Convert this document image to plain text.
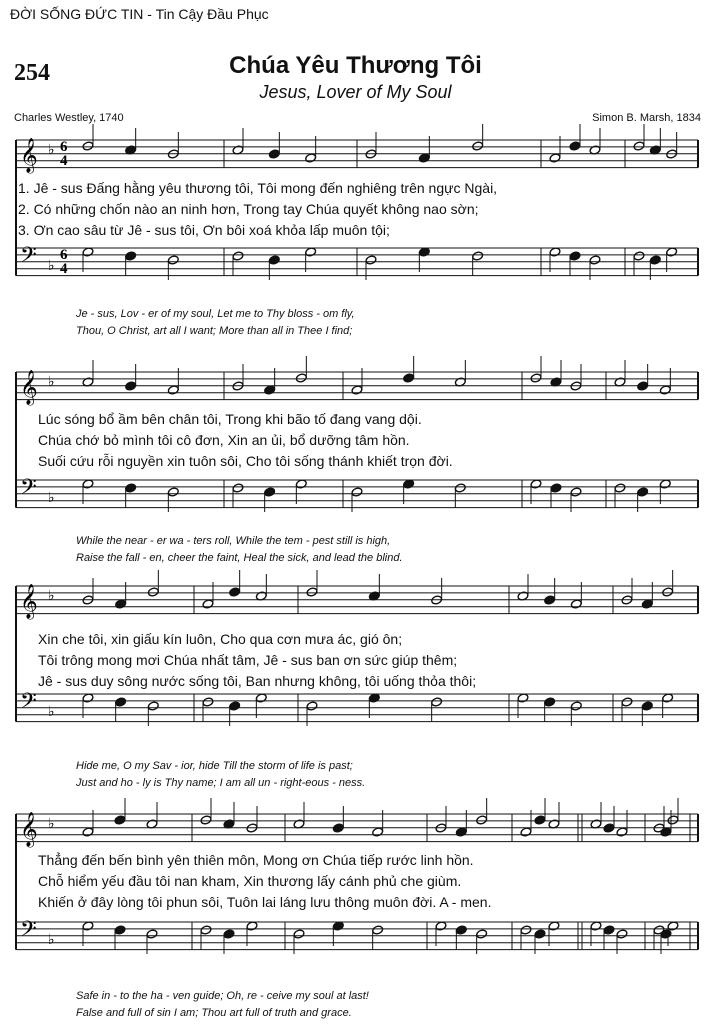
ĐỜI SỐNG ĐỨC TIN - Tin Cậy Đầu Phục
254	Chúa Yêu Thương Tôi
Jesus, Lover of My Soul
Charles Westley, 1740	Simon B. Marsh, 1834
𝄞
𝄢
♭
♭
6
4
6
4
𝄞
𝄢
♭
♭
𝄞
𝄢
♭
♭
𝄞
𝄢
♭
♭
1. Jê - sus Đấng hằng yêu thương tôi, Tôi mong đến nghiêng trên ngực Ngài,
2. Có những chốn nào an ninh hơn, Trong tay Chúa quyết không nao sờn;
3. Ơn cao sâu từ Jê - sus tôi, Ơn bôi xoá khỏa lấp muôn tội;
Je - sus, Lov - er of my soul, Let me to Thy bloss - om fly,
Thou, O Christ, art all I want; More than all in Thee I find;
Lúc sóng bổ ầm bên chân tôi, Trong khi bão tố đang vang dội.
Chúa chớ bỏ mình tôi cô đơn, Xin an ủi, bổ dưỡng tâm hồn.
Suối cứu rỗi nguyền xin tuôn sôi, Cho tôi sống thánh khiết trọn đời.
While the near - er wa - ters roll, While the tem - pest still is high,
Raise the fall - en, cheer the faint, Heal the sick, and lead the blind.
Xin che tôi, xin giấu kín luôn, Cho qua cơn mưa ác, gió ôn;
Tôi trông mong mơi Chúa nhất tâm, Jê - sus ban ơn sức giúp thêm;
Jê - sus duy sông nước sống tôi, Ban nhưng không, tôi uống thỏa thôi;
Hide me, O my Sav - ior, hide Till the storm of life is past;
Just and ho - ly is Thy name; I am all un - right-eous - ness.
Thẳng đến bến bình yên thiên môn, Mong ơn Chúa tiếp rước linh hồn.
Chỗ hiểm yếu đầu tôi nan kham, Xin thương lấy cánh phủ che giùm.
Khiến ở đây lòng tôi phun sôi, Tuôn lai láng lưu thông muôn đời. A - men.
Safe in - to the ha - ven guide; Oh, re - ceive my soul at last!
False and full of sin I am; Thou art full of truth and grace.
